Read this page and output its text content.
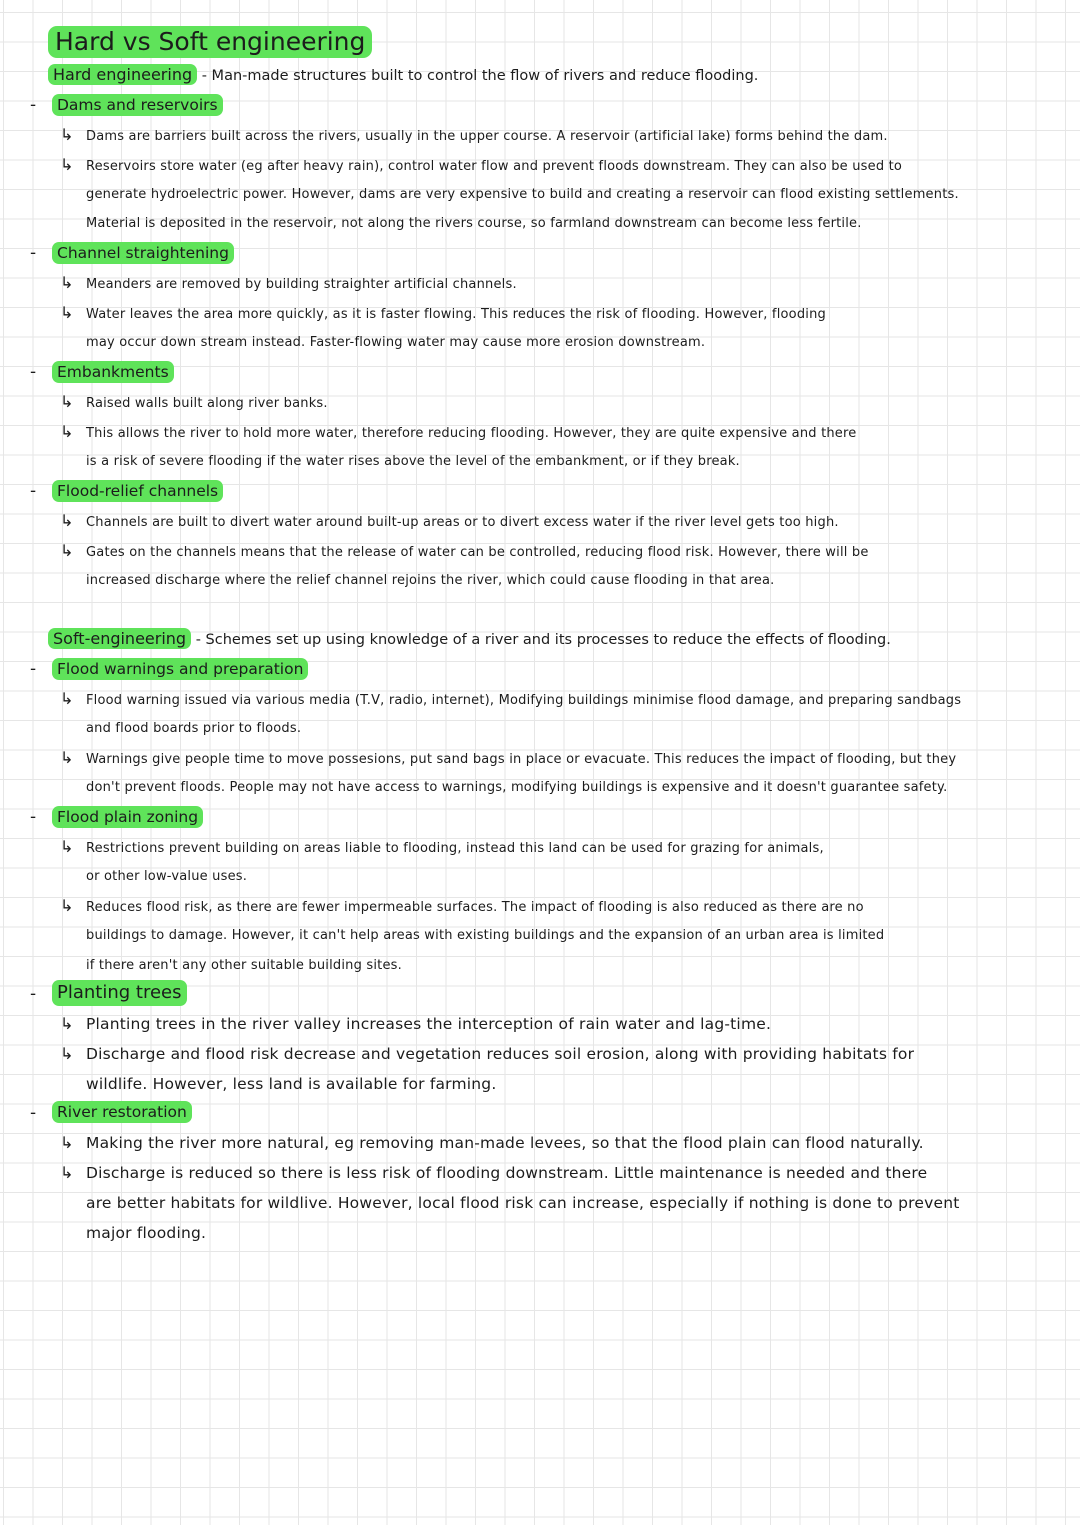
Hard vs Soft engineering
Hard engineering - Man-made structures built to control the flow of rivers and reduce flooding.
-	Dams and reservoirs
↳ Dams are barriers built across the rivers, usually in the upper course. A reservoir (artificial lake) forms behind the dam.
↳ Reservoirs store water (eg after heavy rain), control water flow and prevent floods downstream. They can also be used to
generate hydroelectric power. However, dams are very expensive to build and creating a reservoir can flood existing settlements.
Material is deposited in the reservoir, not along the rivers course, so farmland downstream can become less fertile.
-	Channel straightening
↳ Meanders are removed by building straighter artificial channels.
↳ Water leaves the area more quickly, as it is faster flowing. This reduces the risk of flooding. However, flooding
may occur down stream instead. Faster-flowing water may cause more erosion downstream.
-	Embankments
↳ Raised walls built along river banks.
↳ This allows the river to hold more water, therefore reducing flooding. However, they are quite expensive and there
is a risk of severe flooding if the water rises above the level of the embankment, or if they break.
-	Flood-relief channels
↳ Channels are built to divert water around built-up areas or to divert excess water if the river level gets too high.
↳ Gates on the channels means that the release of water can be controlled, reducing flood risk. However, there will be
increased discharge where the relief channel rejoins the river, which could cause flooding in that area.
Soft-engineering - Schemes set up using knowledge of a river and its processes to reduce the effects of flooding.
-	Flood warnings and preparation
↳ Flood warning issued via various media (T.V, radio, internet), Modifying buildings minimise flood damage, and preparing sandbags
and flood boards prior to floods.
↳ Warnings give people time to move possesions, put sand bags in place or evacuate. This reduces the impact of flooding, but they
don't prevent floods. People may not have access to warnings, modifying buildings is expensive and it doesn't guarantee safety.
-	Flood plain zoning
↳ Restrictions prevent building on areas liable to flooding, instead this land can be used for grazing for animals,
or other low-value uses.
↳ Reduces flood risk, as there are fewer impermeable surfaces. The impact of flooding is also reduced as there are no
buildings to damage. However, it can't help areas with existing buildings and the expansion of an urban area is limited
if there aren't any other suitable building sites.
- Planting trees
↳ Planting trees in the river valley increases the interception of rain water and lag-time.
↳ Discharge and flood risk decrease and vegetation reduces soil erosion, along with providing habitats for
wildlife. However, less land is available for farming.
-	River restoration
↳ Making the river more natural, eg removing man-made levees, so that the flood plain can flood naturally.
↳ Discharge is reduced so there is less risk of flooding downstream. Little maintenance is needed and there
are better habitats for wildlive. However, local flood risk can increase, especially if nothing is done to prevent
major flooding.
